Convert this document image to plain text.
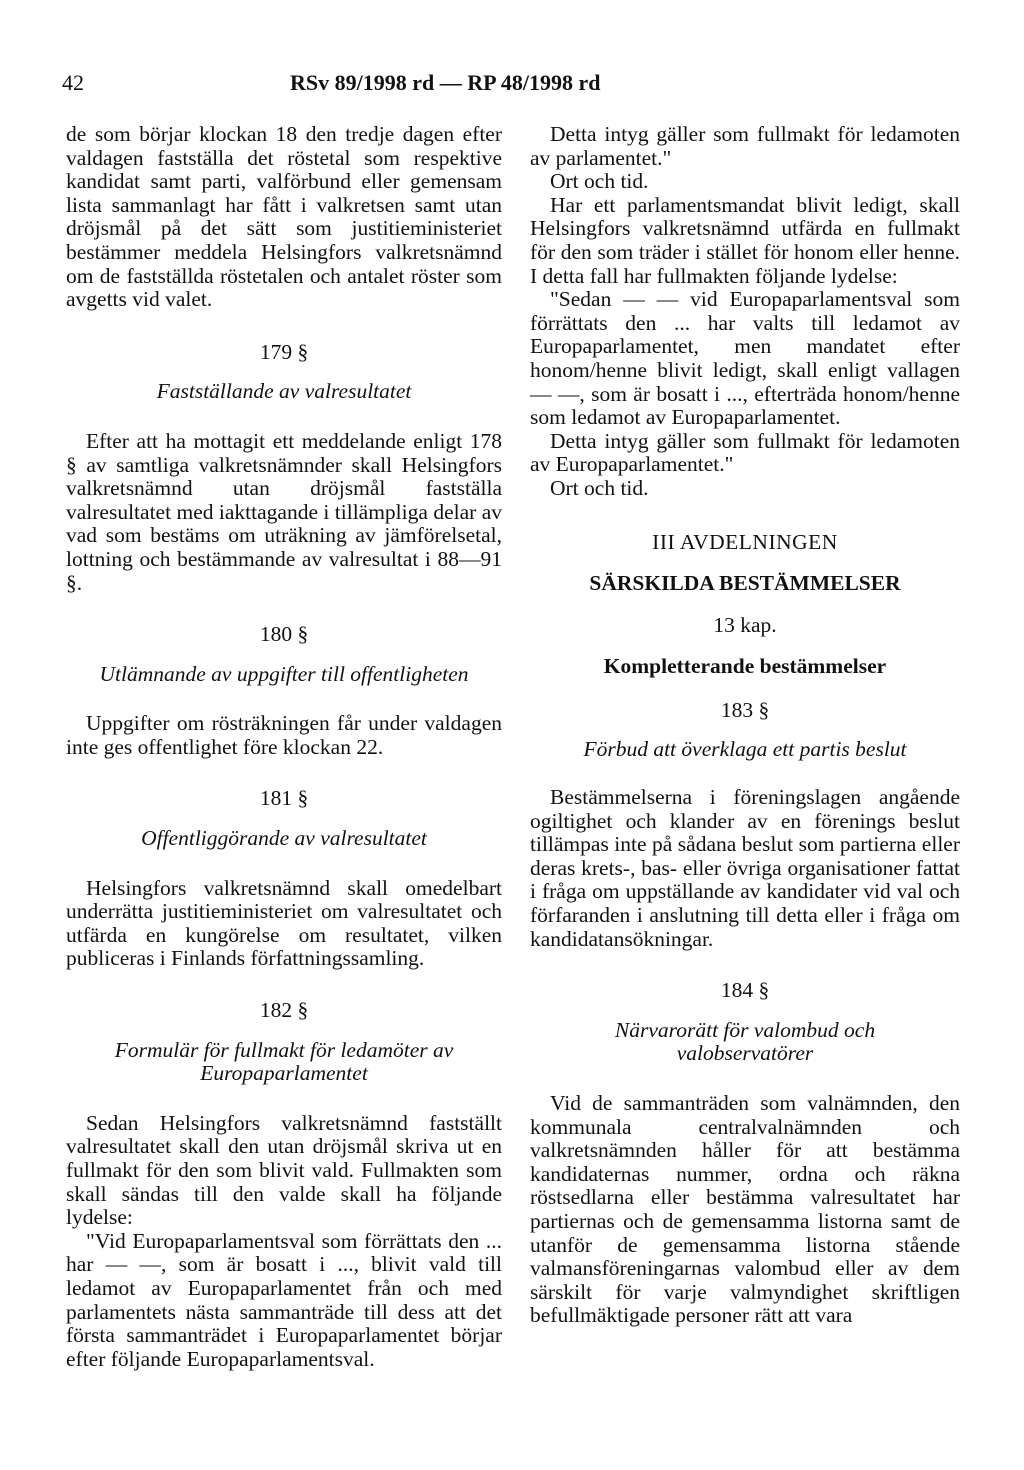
42	RSv 89/1998 rd — RP 48/1998 rd

de som börjar klockan 18 den tredje dagen efter valdagen fastställa det röstetal som respektive kandidat samt parti, valförbund eller gemensam lista sammanlagt har fått i valkretsen samt utan dröjsmål på det sätt som justitieministeriet bestämmer meddela Helsingfors valkretsnämnd om de fastställda röstetalen och antalet röster som avgetts vid valet.

179 §
Fastställande av valresultatet

Efter att ha mottagit ett meddelande enligt 178 § av samtliga valkretsnämnder skall Helsingfors valkretsnämnd utan dröjsmål fastställa valresultatet med iakttagande i tillämpliga delar av vad som bestäms om uträkning av jämförelsetal, lottning och bestämmande av valresultat i 88—91 §.

180 §
Utlämnande av uppgifter till offentligheten

Uppgifter om rösträkningen får under valdagen inte ges offentlighet före klockan 22.

181 §
Offentliggörande av valresultatet

Helsingfors valkretsnämnd skall omedelbart underrätta justitieministeriet om valresultatet och utfärda en kungörelse om resultatet, vilken publiceras i Finlands författningssamling.

182 §
Formulär för fullmakt för ledamöter av Europaparlamentet

Sedan Helsingfors valkretsnämnd fastställt valresultatet skall den utan dröjsmål skriva ut en fullmakt för den som blivit vald. Fullmakten som skall sändas till den valde skall ha följande lydelse:

"Vid Europaparlamentsval som förrättats den ... har — —, som är bosatt i ..., blivit vald till ledamot av Europaparlamentet från och med parlamentets nästa sammanträde till dess att det första sammanträdet i Europaparlamentet börjar efter följande Europaparlamentsval.

Detta intyg gäller som fullmakt för ledamoten av parlamentet."

Ort och tid.

Har ett parlamentsmandat blivit ledigt, skall Helsingfors valkretsnämnd utfärda en fullmakt för den som träder i stället för honom eller henne. I detta fall har fullmakten följande lydelse:

"Sedan — — vid Europaparlamentsval som förrättats den ... har valts till ledamot av Europaparlamentet, men mandatet efter honom/henne blivit ledigt, skall enligt vallagen — —, som är bosatt i ..., efterträda honom/henne som ledamot av Europaparlamentet.

Detta intyg gäller som fullmakt för ledamoten av Europaparlamentet."

Ort och tid.

III AVDELNINGEN
SÄRSKILDA BESTÄMMELSER
13 kap.
Kompletterande bestämmelser
183 §
Förbud att överklaga ett partis beslut

Bestämmelserna i föreningslagen angående ogiltighet och klander av en förenings beslut tillämpas inte på sådana beslut som partierna eller deras krets-, bas- eller övriga organisationer fattat i fråga om uppställande av kandidater vid val och förfaranden i anslutning till detta eller i fråga om kandidatansökningar.

184 §
Närvarorätt för valombud och valobservatörer

Vid de sammanträden som valnämnden, den kommunala centralvalnämnden och valkretsnämnden håller för att bestämma kandidaternas nummer, ordna och räkna röstsedlarna eller bestämma valresultatet har partiernas och de gemensamma listorna samt de utanför de gemensamma listorna stående valmansföreningarnas valombud eller av dem särskilt för varje valmyndighet skriftligen befullmäktigade personer rätt att vara
